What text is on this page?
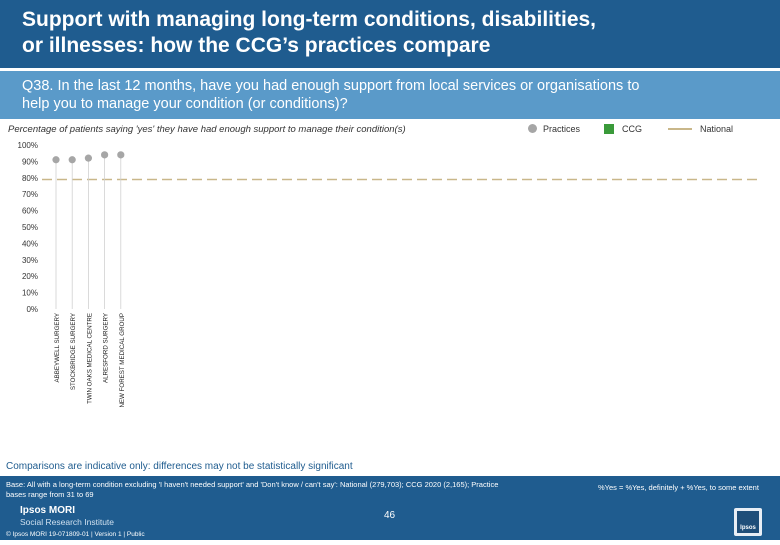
Support with managing long-term conditions, disabilities,
or illnesses: how the CCG’s practices compare
Q38. In the last 12 months, have you had enough support from local services or organisations to
help you to manage your condition (or conditions)?
Percentage of patients saying 'yes' they have had enough support to manage their condition(s)	Practices	CCG	National
0%
10%
20%
30%
40%
50%
60%
70%
80%
90%
100%
ABBEYWELL SURGERY STOCKBRIDGE SURGERY TWIN OAKS MEDICAL CENTRE ALRESFORD SURGERY NEW FOREST MEDICAL GROUP
Comparisons are indicative only: differences may not be statistically significant
Base: All with a long-term condition excluding 'I haven't needed support' and 'Don't know / can't say': National (279,703); CCG 2020 (2,165); Practice
bases range from 31 to 69
%Yes = %Yes, definitely + %Yes, to some extent
Ipsos MORI
Social Research Institute
46
© Ipsos MORI 19-071809-01 | Version 1 | Public
Ipsos
